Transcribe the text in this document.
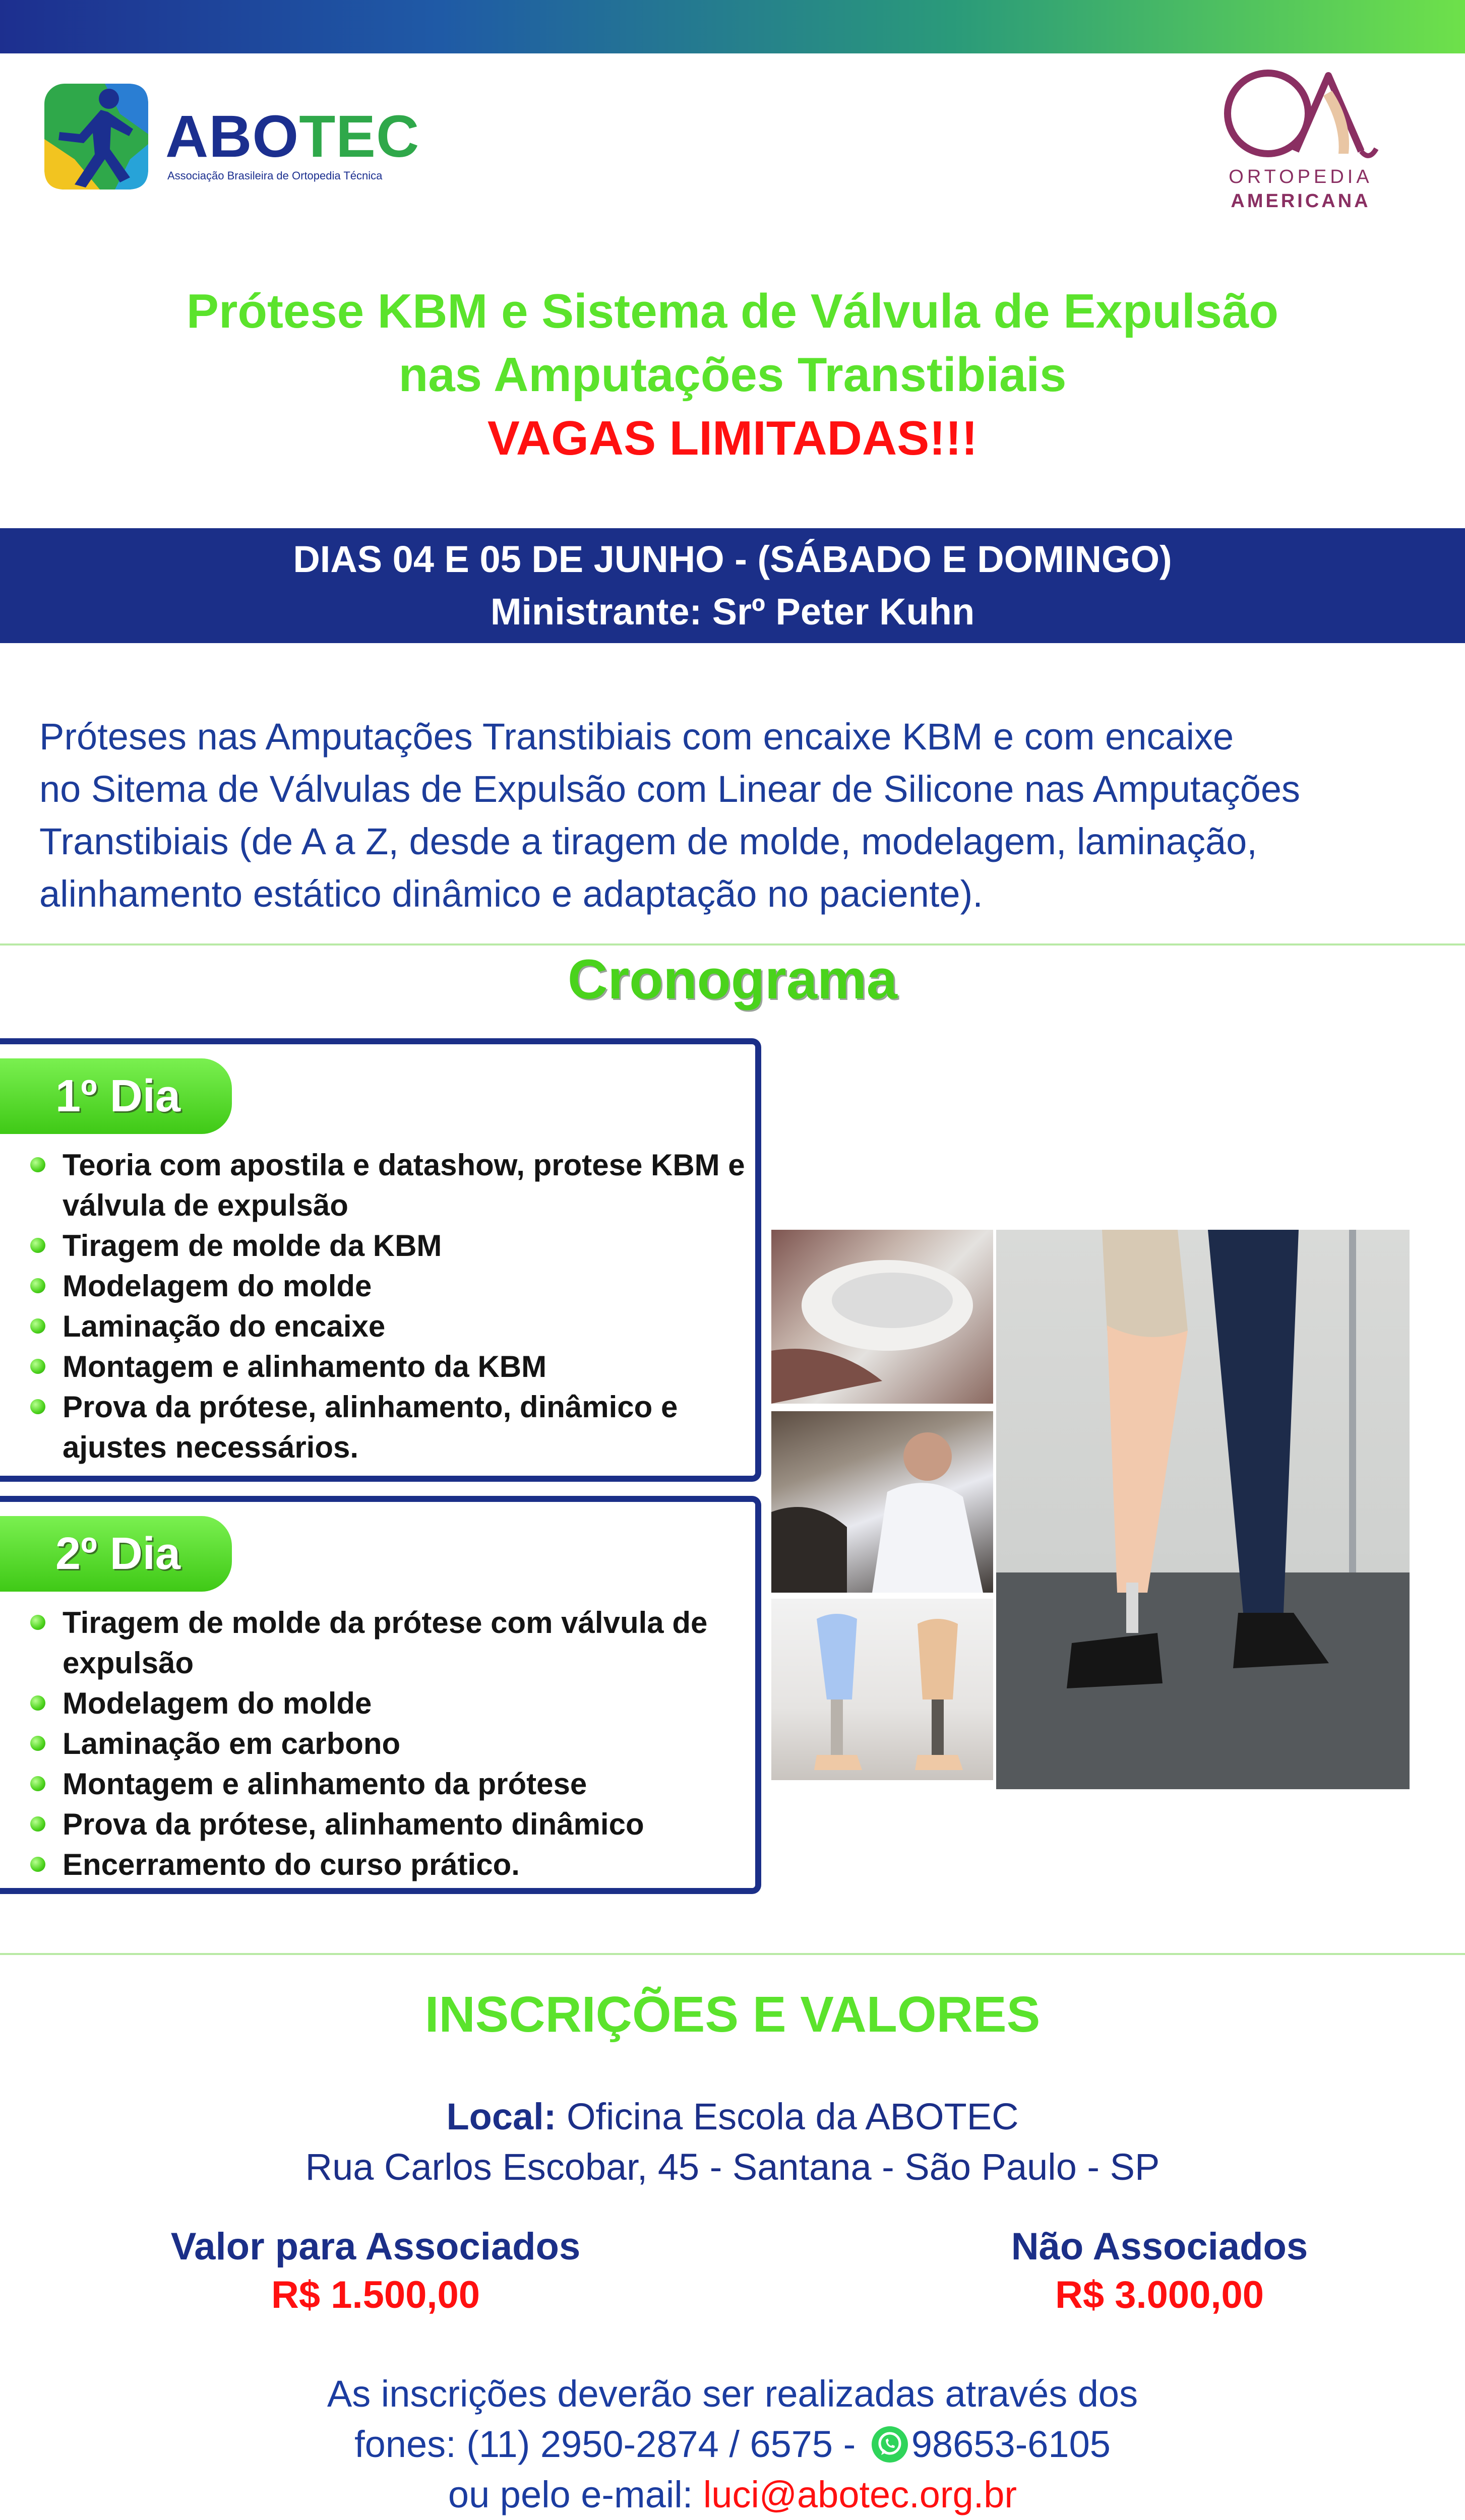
ABOTEC
Associação Brasileira de Ortopedia Técnica	ORTOPEDIA
AMERICANA
Prótese KBM e Sistema de Válvula de Expulsão
nas Amputações Transtibiais
VAGAS LIMITADAS!!!
DIAS 04 E 05 DE JUNHO - (SÁBADO E DOMINGO)
Ministrante: Srº Peter Kuhn
Próteses nas Amputações Transtibiais com encaixe KBM e com encaixe
no Sitema de Válvulas de Expulsão com Linear de Silicone nas Amputações
Transtibiais (de A a Z, desde a tiragem de molde, modelagem, laminação,
alinhamento estático dinâmico e adaptação no paciente).
Cronograma
1º Dia
Teoria com apostila e datashow, protese KBM e válvula de expulsão
Tiragem de molde da KBM
Modelagem do molde
Laminação do encaixe
Montagem e alinhamento da KBM
Prova da prótese, alinhamento, dinâmico e ajustes necessários.
2º Dia
Tiragem de molde da prótese com válvula de expulsão
Modelagem do molde
Laminação em carbono
Montagem e alinhamento da prótese
Prova da prótese, alinhamento dinâmico
Encerramento do curso prático.
INSCRIÇÕES E VALORES
Local: Oficina Escola da ABOTEC
Rua Carlos Escobar, 45 - Santana - São Paulo - SP
Valor para Associados
R$ 1.500,00
Não Associados
R$ 3.000,00
As inscrições deverão ser realizadas através dos
fones: (11) 2950-2874 / 6575 - 98653-6105
ou pelo e-mail: luci@abotec.org.br
